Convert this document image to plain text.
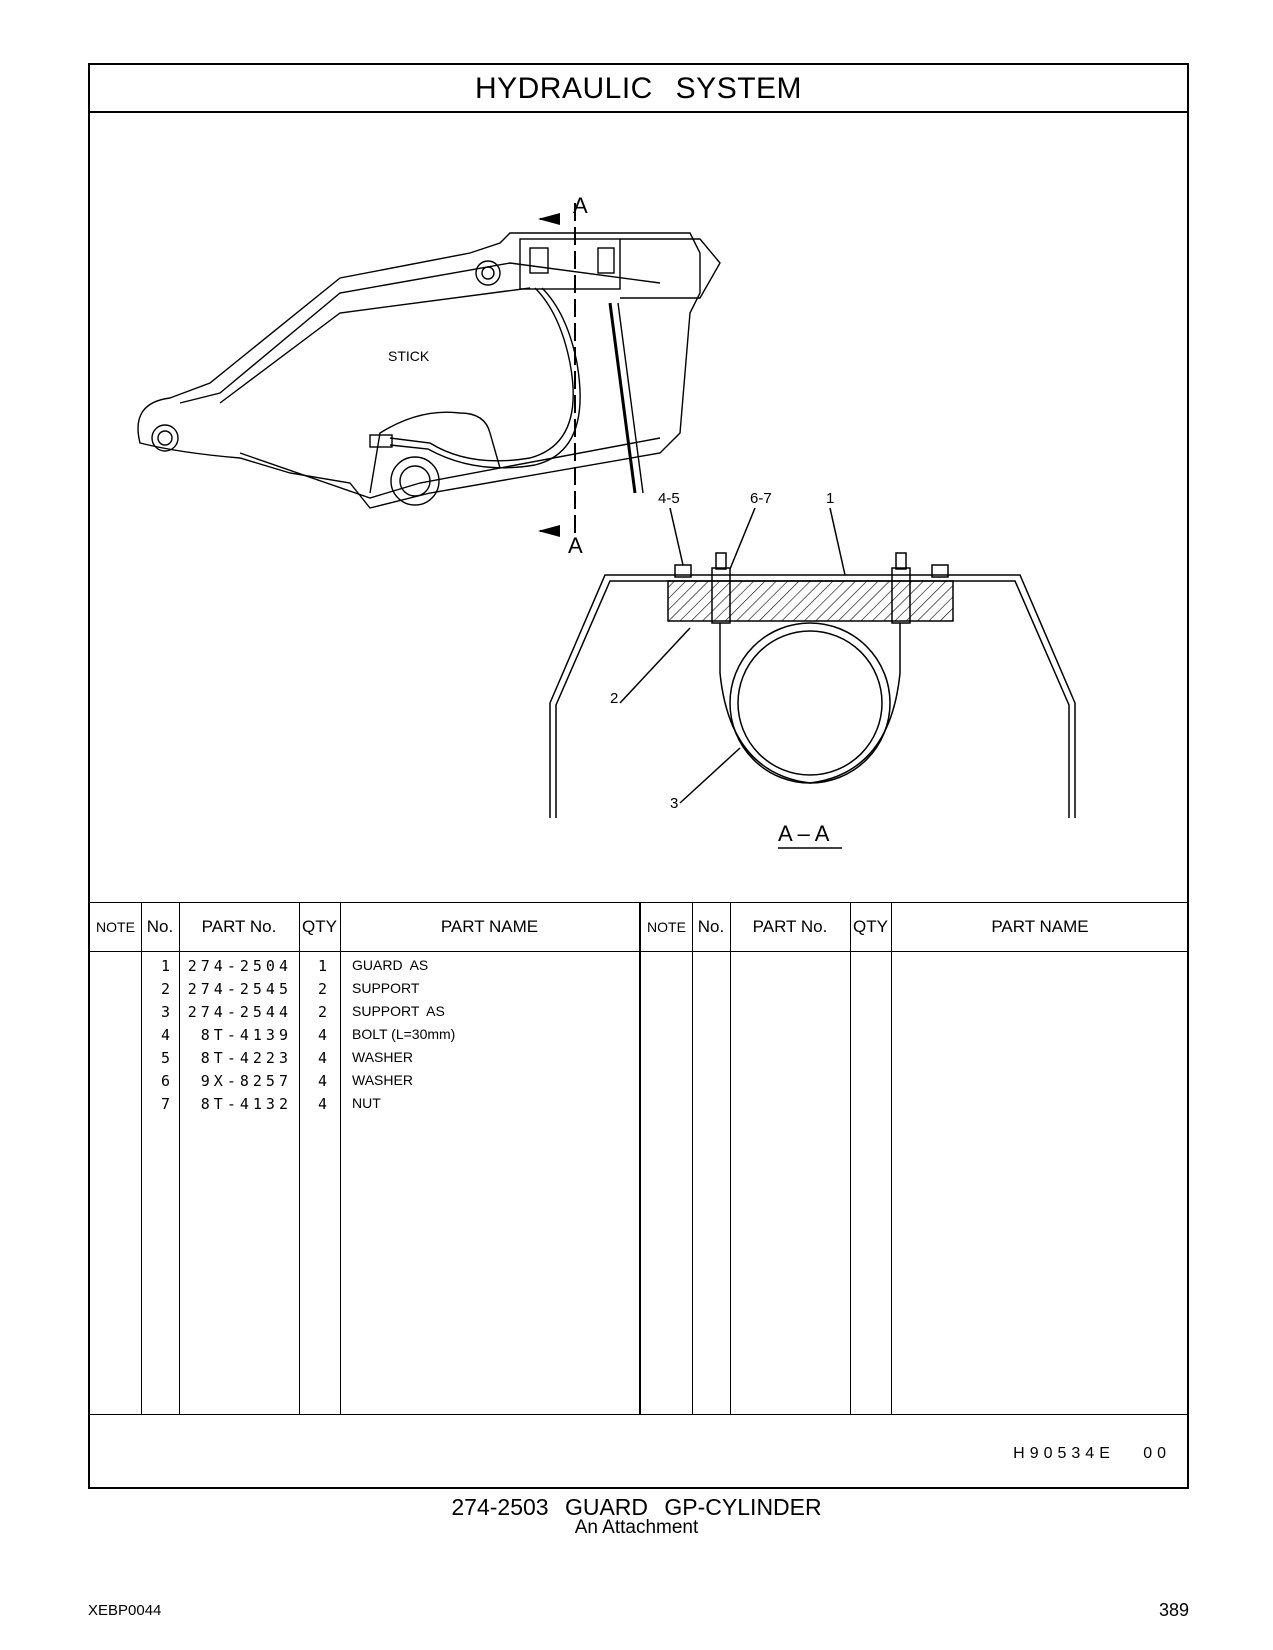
HYDRAULIC SYSTEM
A
A
STICK
4-5	6-7	1
2
3
A – A
NOTE No.	PART No.	QTY	PART NAME	NOTE No.	PART No.	QTY	PART NAME
1	274-2504	1 GUARD  AS
2	274-2545	2 SUPPORT
3	274-2544	2 SUPPORT  AS
4	8T-4139	4 BOLT (L=30mm)
5	8T-4223	4 WASHER
6	9X-8257	4 WASHER
7	8T-4132	4 NUT
H90534E   00
274-2503 GUARD GP-CYLINDER
An Attachment
XEBP0044	389
